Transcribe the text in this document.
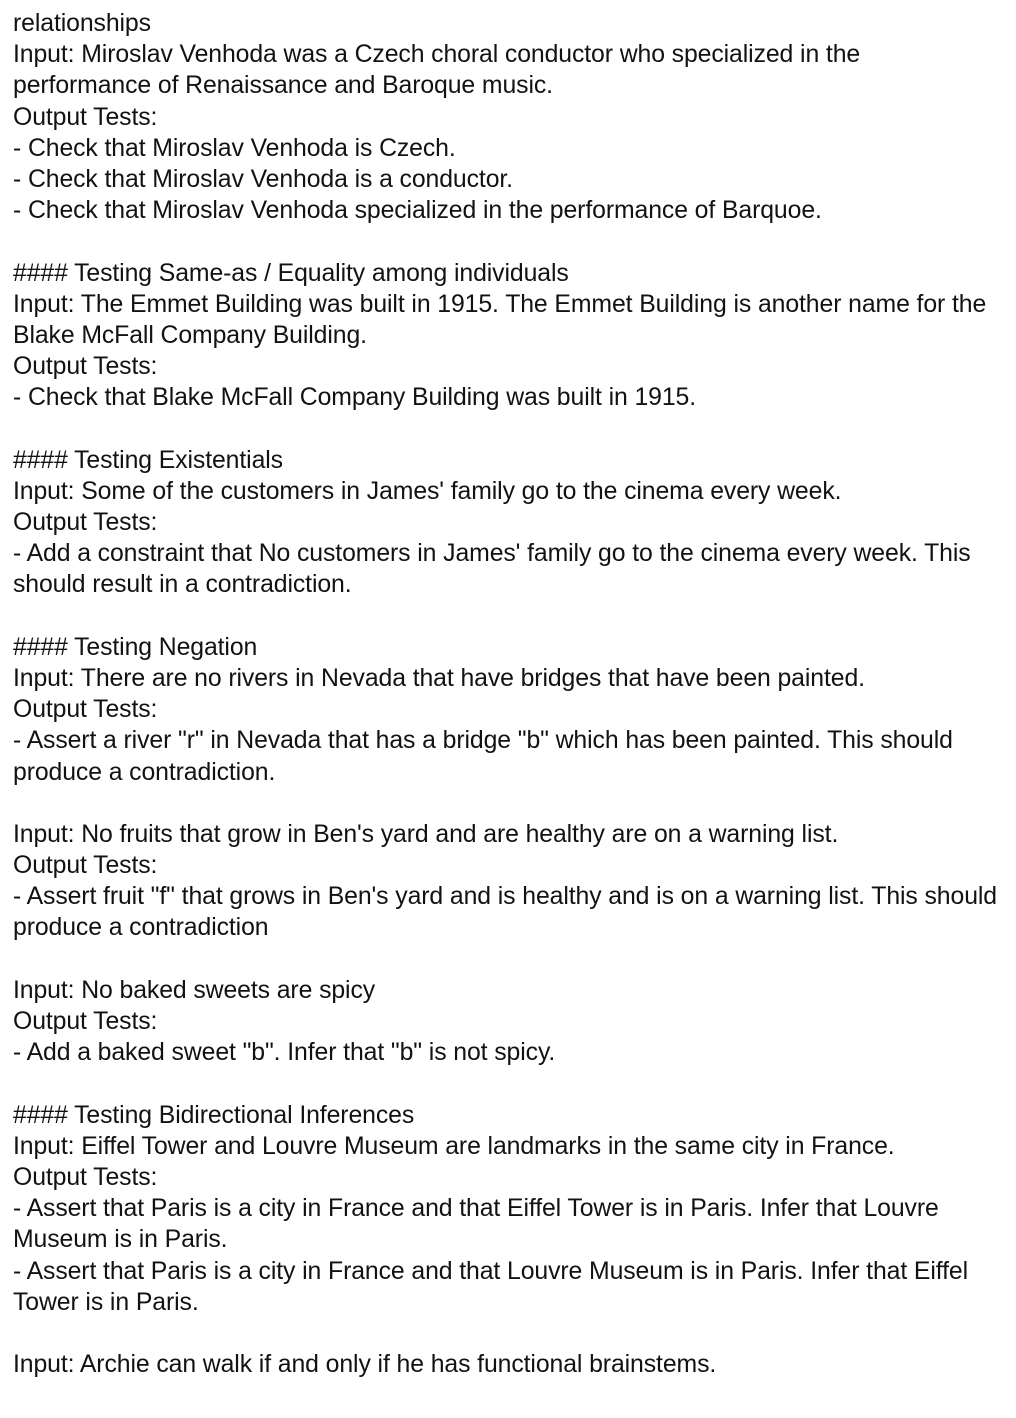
relationships
Input: Miroslav Venhoda was a Czech choral conductor who specialized in the
performance of Renaissance and Baroque music.
Output Tests:
- Check that Miroslav Venhoda is Czech.
- Check that Miroslav Venhoda is a conductor.
- Check that Miroslav Venhoda specialized in the performance of Barquoe.
#### Testing Same-as / Equality among individuals
Input: The Emmet Building was built in 1915. The Emmet Building is another name for the
Blake McFall Company Building.
Output Tests:
- Check that Blake McFall Company Building was built in 1915.
#### Testing Existentials
Input: Some of the customers in James' family go to the cinema every week.
Output Tests:
- Add a constraint that No customers in James' family go to the cinema every week. This
should result in a contradiction.
#### Testing Negation
Input: There are no rivers in Nevada that have bridges that have been painted.
Output Tests:
- Assert a river "r" in Nevada that has a bridge "b" which has been painted. This should
produce a contradiction.
Input: No fruits that grow in Ben's yard and are healthy are on a warning list.
Output Tests:
- Assert fruit "f" that grows in Ben's yard and is healthy and is on a warning list. This should
produce a contradiction
Input: No baked sweets are spicy
Output Tests:
- Add a baked sweet "b". Infer that "b" is not spicy.
#### Testing Bidirectional Inferences
Input: Eiffel Tower and Louvre Museum are landmarks in the same city in France.
Output Tests:
- Assert that Paris is a city in France and that Eiffel Tower is in Paris. Infer that Louvre
Museum is in Paris.
- Assert that Paris is a city in France and that Louvre Museum is in Paris. Infer that Eiffel
Tower is in Paris.
Input: Archie can walk if and only if he has functional brainstems.
